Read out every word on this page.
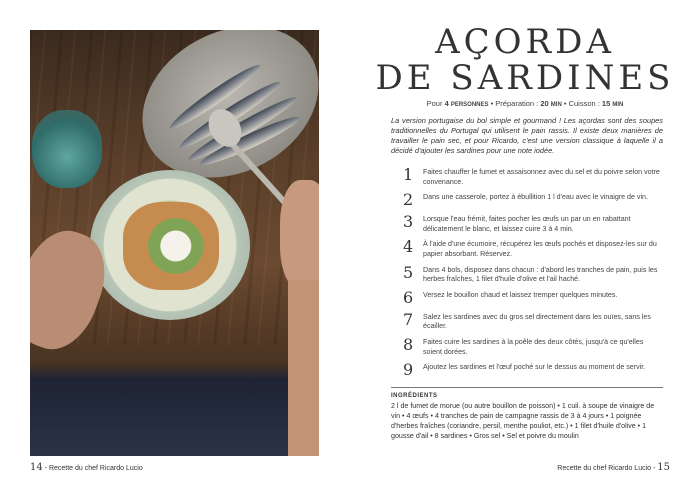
14 - Recette du chef Ricardo Lucio
AÇORDA
DE SARDINES
Pour 4 PERSONNES • Préparation : 20 MIN • Cuisson : 15 MIN

La version portugaise du bol simple et gourmand ! Les açordas sont des soupes traditionnelles du Portugal qui utilisent le pain rassis. Il existe deux manières de travailler le pain sec, et pour Ricardo, c'est une version classique à laquelle il a décidé d'ajouter les sardines pour une note iodée.

1	Faites chauffer le fumet et assaisonnez avec du sel et du poivre selon votre convenance.
2	Dans une casserole, portez à ébullition 1 l d'eau avec le vinaigre de vin.
3	Lorsque l'eau frémit, faites pocher les œufs un par un en rabattant délicatement le blanc, et laissez cuire 3 à 4 min.
4	À l'aide d'une écumoire, récupérez les œufs pochés et disposez-les sur du papier absorbant. Réservez.
5	Dans 4 bols, disposez dans chacun : d'abord les tranches de pain, puis les herbes fraîches, 1 filet d'huile d'olive et l'ail haché.
6	Versez le bouillon chaud et laissez tremper quelques minutes.
7	Salez les sardines avec du gros sel directement dans les ouïes, sans les écailler.
8	Faites cuire les sardines à la poêle des deux côtés, jusqu'à ce qu'elles soient dorées.
9	Ajoutez les sardines et l'œuf poché sur le dessus au moment de servir.
INGRÉDIENTS
2 l de fumet de morue (ou autre bouillon de poisson) • 1 cuil. à soupe de vinaigre de vin • 4 œufs • 4 tranches de pain de campagne rassis de 3 à 4 jours • 1 poignée d'herbes fraîches (coriandre, persil, menthe pouliot, etc.) • 1 filet d'huile d'olive • 1 gousse d'ail • 8 sardines • Gros sel • Sel et poivre du moulin
Recette du chef Ricardo Lucio - 15
